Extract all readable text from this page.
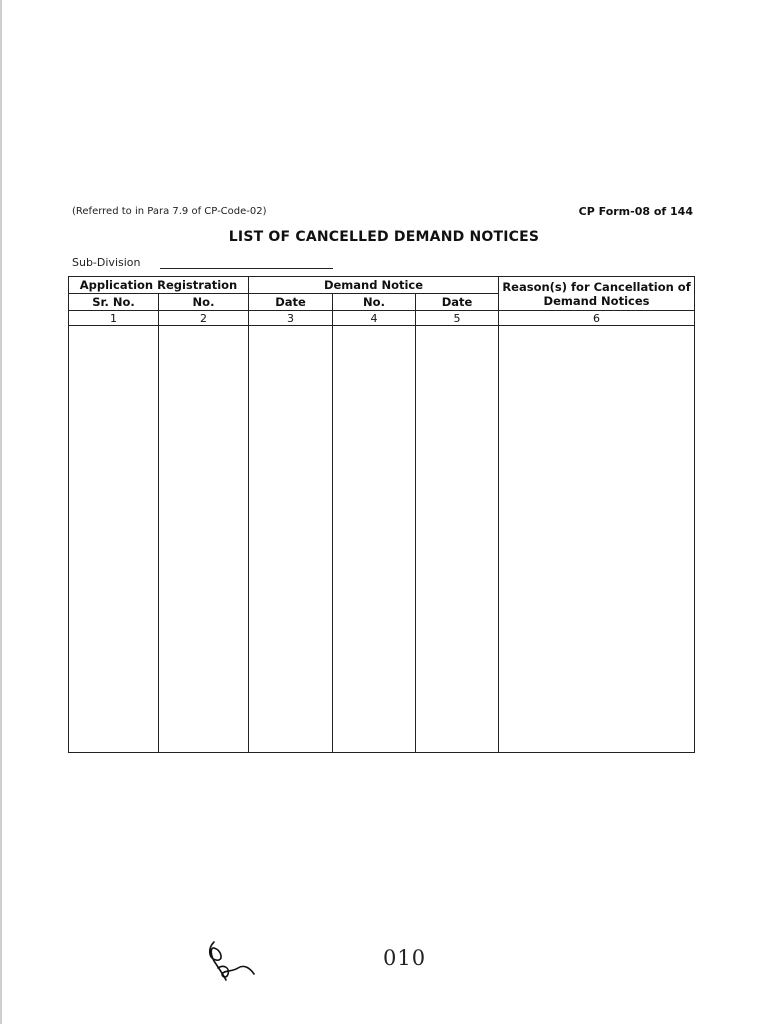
(Referred to in Para 7.9 of CP-Code-02)	CP Form-08 of 144
LIST OF CANCELLED DEMAND NOTICES
Sub-Division
Application Registration		Demand Notice			Reason(s) for Cancellation of
Demand Notices

Sr. No.	No.	Date	No.	Date	
1	2	3	4	5	6

010
